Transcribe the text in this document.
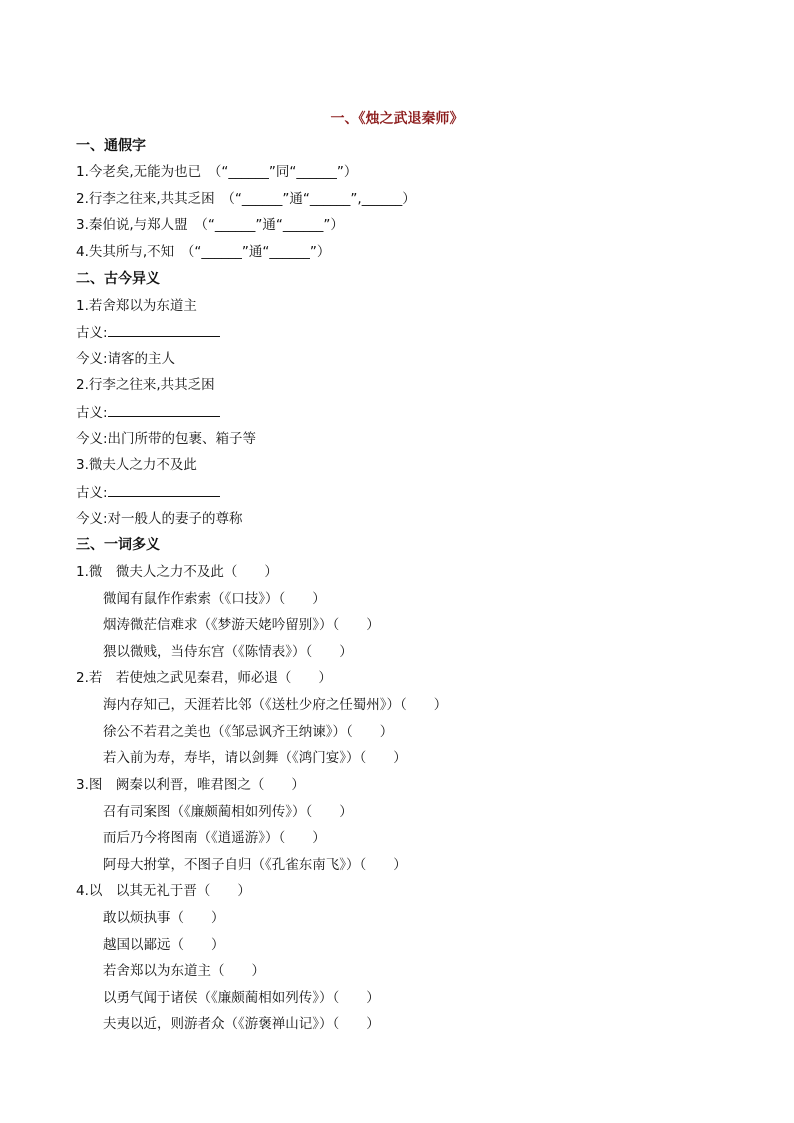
一、《烛之武退秦师》
一、通假字
1.今老矣,无能为也已　（“______”同“______”）
2.行李之往来,共其乏困　（“______”通“______”,______）
3.秦伯说,与郑人盟　（“______”通“______”）
4.失其所与,不知　（“______”通“______”）
二、古今异义
1.若舍郑以为东道主
古义:
今义:请客的主人
2.行李之往来,共其乏困
古义:
今义:出门所带的包裹、箱子等
3.微夫人之力不及此
古义:
今义:对一般人的妻子的尊称
三、一词多义
1.微　微夫人之力不及此（　　）
微闻有鼠作作索索（《口技》）（　　）
烟涛微茫信难求（《梦游天姥吟留别》）（　　）
猥以微贱，当侍东宫（《陈情表》）（　　）
2.若　若使烛之武见秦君，师必退（　　）
海内存知己，天涯若比邻（《送杜少府之任蜀州》）（　　）
徐公不若君之美也（《邹忌讽齐王纳谏》）（　　）
若入前为寿，寿毕，请以剑舞（《鸿门宴》）（　　）
3.图　阙秦以利晋，唯君图之（　　）
召有司案图（《廉颇蔺相如列传》）（　　）
而后乃今将图南（《逍遥游》）（　　）
阿母大拊掌，不图子自归（《孔雀东南飞》）（　　）
4.以　以其无礼于晋（　　）
敢以烦执事（　　）
越国以鄙远（　　）
若舍郑以为东道主（　　）
以勇气闻于诸侯（《廉颇蔺相如列传》）（　　）
夫夷以近，则游者众（《游褒禅山记》）（　　）
